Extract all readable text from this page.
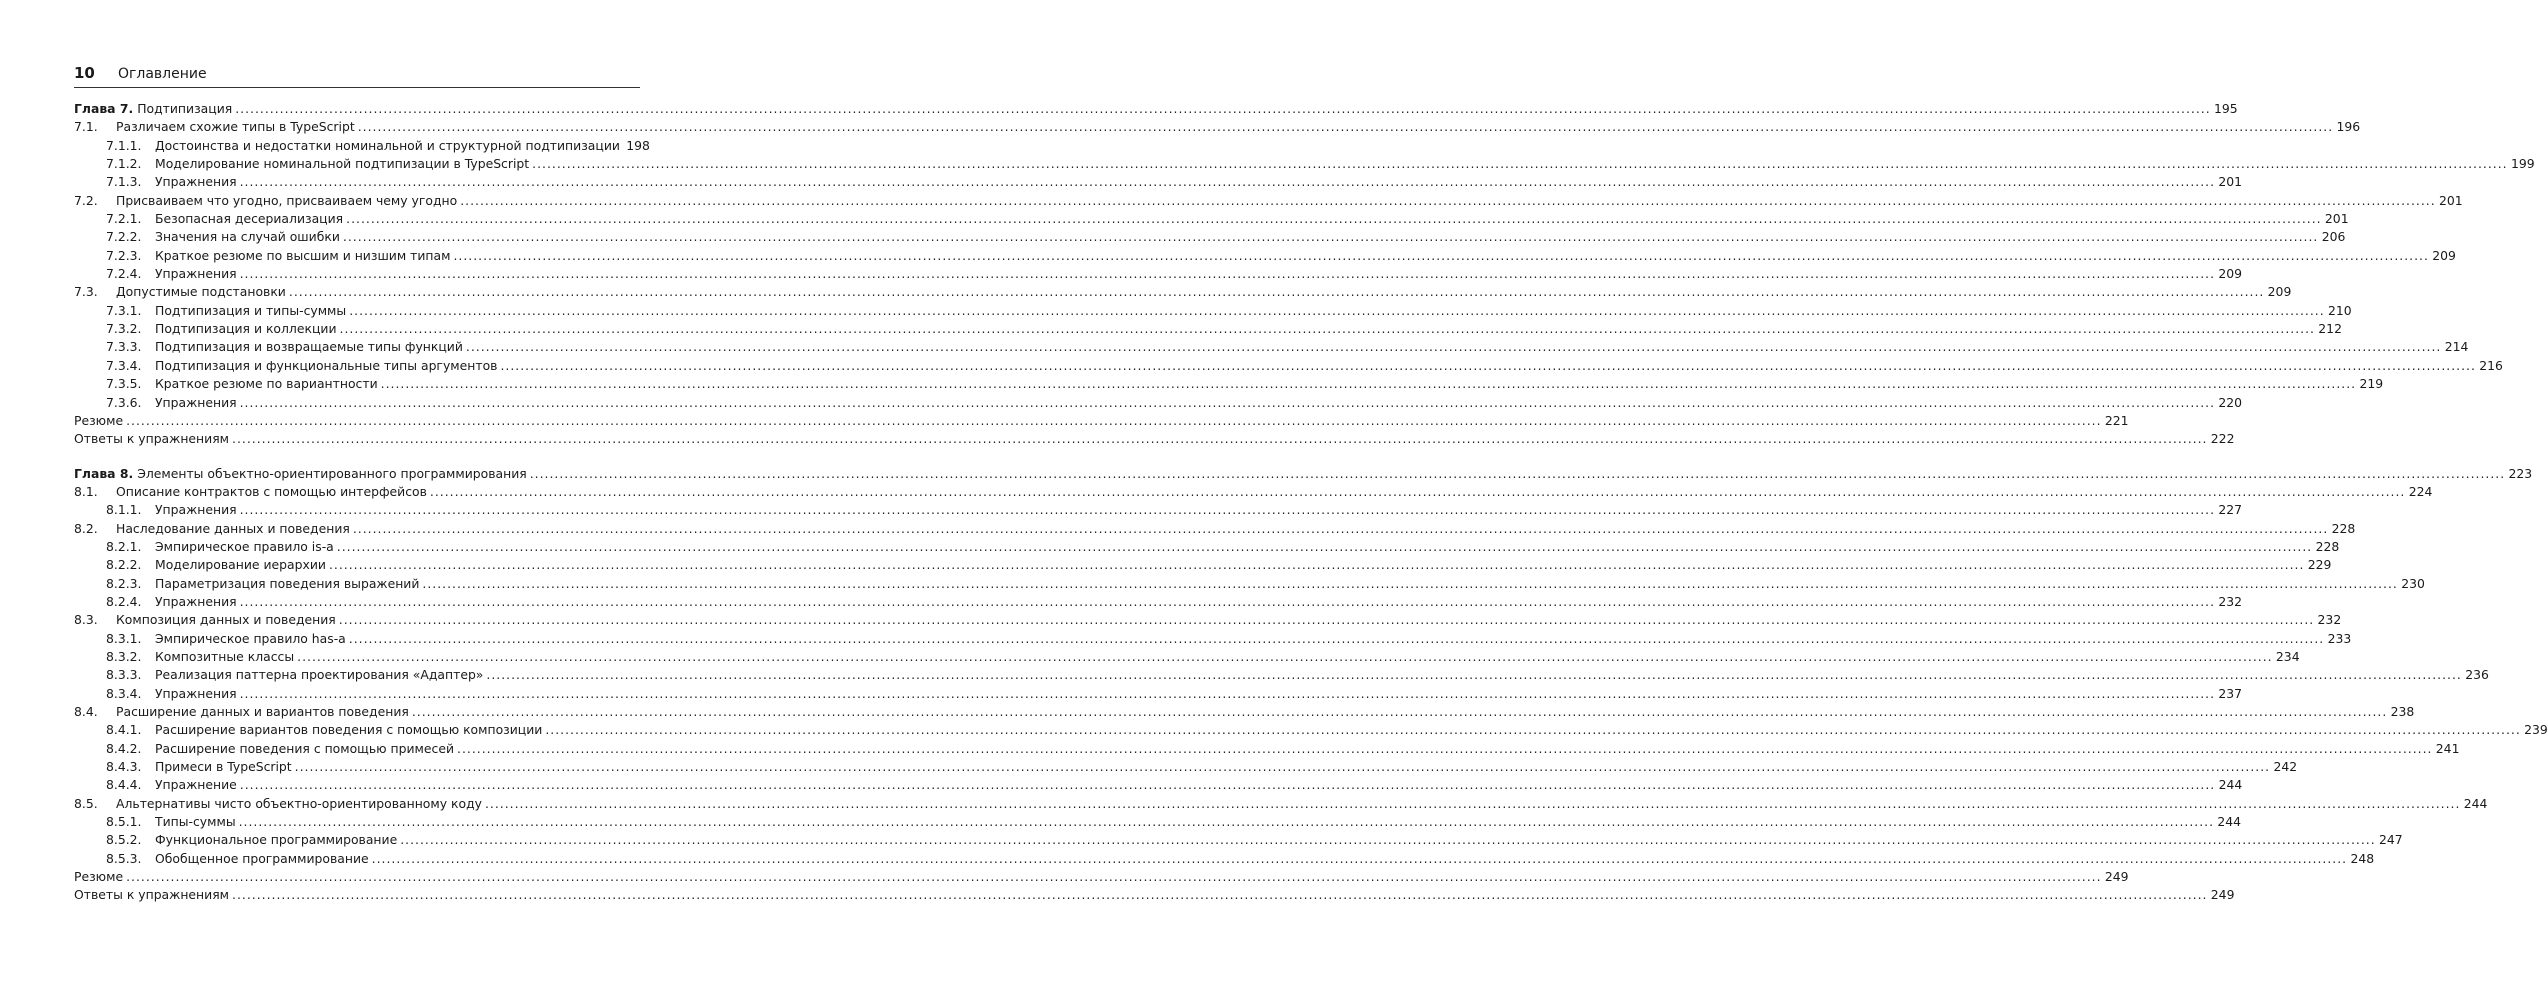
10	Оглавление
Глава 7. Подтипизация ................................................................................................................................................................................................................................................................................................................................................................................................................ 195
7.1.	Различаем схожие типы в TypeScript ................................................................................................................................................................................................................................................................................................................................................................................................................ 196
7.1.1.	Достоинства и недостатки номинальной и структурной подтипизации 198
7.1.2.	Моделирование номинальной подтипизации в TypeScript ................................................................................................................................................................................................................................................................................................................................................................................................................ 199
7.1.3.	Упражнения ................................................................................................................................................................................................................................................................................................................................................................................................................ 201
7.2.	Присваиваем что угодно, присваиваем чему угодно ................................................................................................................................................................................................................................................................................................................................................................................................................ 201
7.2.1.	Безопасная десериализация ................................................................................................................................................................................................................................................................................................................................................................................................................ 201
7.2.2.	Значения на случай ошибки ................................................................................................................................................................................................................................................................................................................................................................................................................ 206
7.2.3.	Краткое резюме по высшим и низшим типам ................................................................................................................................................................................................................................................................................................................................................................................................................ 209
7.2.4.	Упражнения ................................................................................................................................................................................................................................................................................................................................................................................................................ 209
7.3.	Допустимые подстановки ................................................................................................................................................................................................................................................................................................................................................................................................................ 209
7.3.1.	Подтипизация и типы-суммы ................................................................................................................................................................................................................................................................................................................................................................................................................ 210
7.3.2.	Подтипизация и коллекции ................................................................................................................................................................................................................................................................................................................................................................................................................ 212
7.3.3.	Подтипизация и возвращаемые типы функций ................................................................................................................................................................................................................................................................................................................................................................................................................ 214
7.3.4.	Подтипизация и функциональные типы аргументов ................................................................................................................................................................................................................................................................................................................................................................................................................ 216
7.3.5.	Краткое резюме по вариантности ................................................................................................................................................................................................................................................................................................................................................................................................................ 219
7.3.6.	Упражнения ................................................................................................................................................................................................................................................................................................................................................................................................................ 220
Резюме ................................................................................................................................................................................................................................................................................................................................................................................................................ 221
Ответы к упражнениям ................................................................................................................................................................................................................................................................................................................................................................................................................ 222
Глава 8. Элементы объектно-ориентированного программирования ................................................................................................................................................................................................................................................................................................................................................................................................................ 223
8.1.	Описание контрактов с помощью интерфейсов ................................................................................................................................................................................................................................................................................................................................................................................................................ 224
8.1.1.	Упражнения ................................................................................................................................................................................................................................................................................................................................................................................................................ 227
8.2.	Наследование данных и поведения ................................................................................................................................................................................................................................................................................................................................................................................................................ 228
8.2.1.	Эмпирическое правило is-a ................................................................................................................................................................................................................................................................................................................................................................................................................ 228
8.2.2.	Моделирование иерархии ................................................................................................................................................................................................................................................................................................................................................................................................................ 229
8.2.3.	Параметризация поведения выражений ................................................................................................................................................................................................................................................................................................................................................................................................................ 230
8.2.4.	Упражнения ................................................................................................................................................................................................................................................................................................................................................................................................................ 232
8.3.	Композиция данных и поведения ................................................................................................................................................................................................................................................................................................................................................................................................................ 232
8.3.1.	Эмпирическое правило has-a ................................................................................................................................................................................................................................................................................................................................................................................................................ 233
8.3.2.	Композитные классы ................................................................................................................................................................................................................................................................................................................................................................................................................ 234
8.3.3.	Реализация паттерна проектирования «Адаптер» ................................................................................................................................................................................................................................................................................................................................................................................................................ 236
8.3.4.	Упражнения ................................................................................................................................................................................................................................................................................................................................................................................................................ 237
8.4.	Расширение данных и вариантов поведения ................................................................................................................................................................................................................................................................................................................................................................................................................ 238
8.4.1.	Расширение вариантов поведения с помощью композиции ................................................................................................................................................................................................................................................................................................................................................................................................................ 239
8.4.2.	Расширение поведения с помощью примесей ................................................................................................................................................................................................................................................................................................................................................................................................................ 241
8.4.3.	Примеси в TypeScript ................................................................................................................................................................................................................................................................................................................................................................................................................ 242
8.4.4.	Упражнение ................................................................................................................................................................................................................................................................................................................................................................................................................ 244
8.5.	Альтернативы чисто объектно-ориентированному коду ................................................................................................................................................................................................................................................................................................................................................................................................................ 244
8.5.1.	Типы-суммы ................................................................................................................................................................................................................................................................................................................................................................................................................ 244
8.5.2.	Функциональное программирование ................................................................................................................................................................................................................................................................................................................................................................................................................ 247
8.5.3.	Обобщенное программирование ................................................................................................................................................................................................................................................................................................................................................................................................................ 248
Резюме ................................................................................................................................................................................................................................................................................................................................................................................................................ 249
Ответы к упражнениям ................................................................................................................................................................................................................................................................................................................................................................................................................ 249
